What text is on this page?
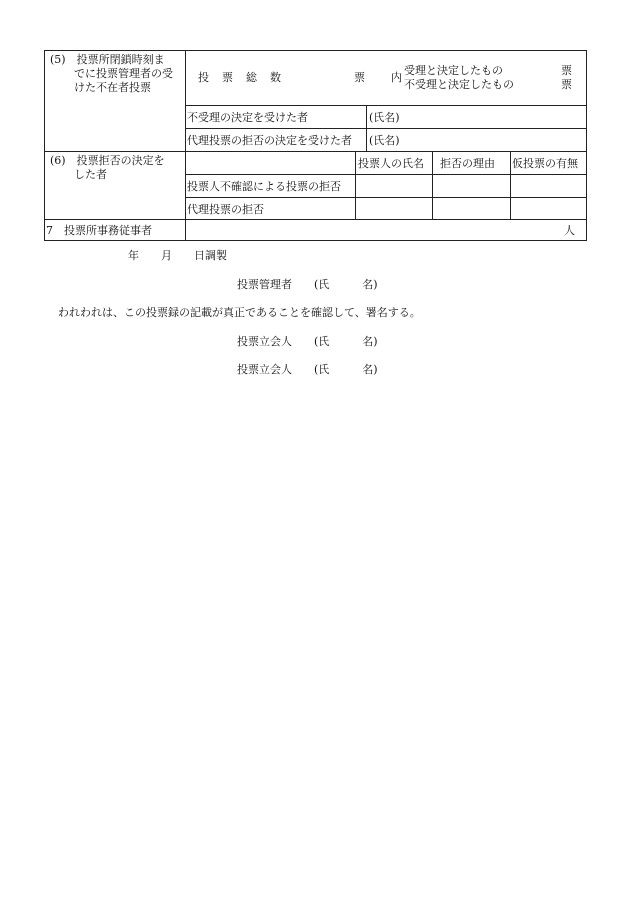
(5)　投票所閉鎖時刻ま
でに投票管理者の受
けた不在者投票
投　票　総　数	票 内
受理と決定したもの	票
不受理と決定したもの	票
不受理の決定を受けた者	(氏名)
代理投票の拒否の決定を受けた者 (氏名)
(6)　投票拒否の決定を
した者
投票人の氏名 拒否の理由 仮投票の有無
投票人不確認による投票の拒否
代理投票の拒否
7　投票所事務従事者	人
年　　月　　日調製
投票管理者　　(氏　　　名)
われわれは、この投票録の記載が真正であることを確認して、署名する。
投票立会人　　(氏　　　名)
投票立会人　　(氏　　　名)
